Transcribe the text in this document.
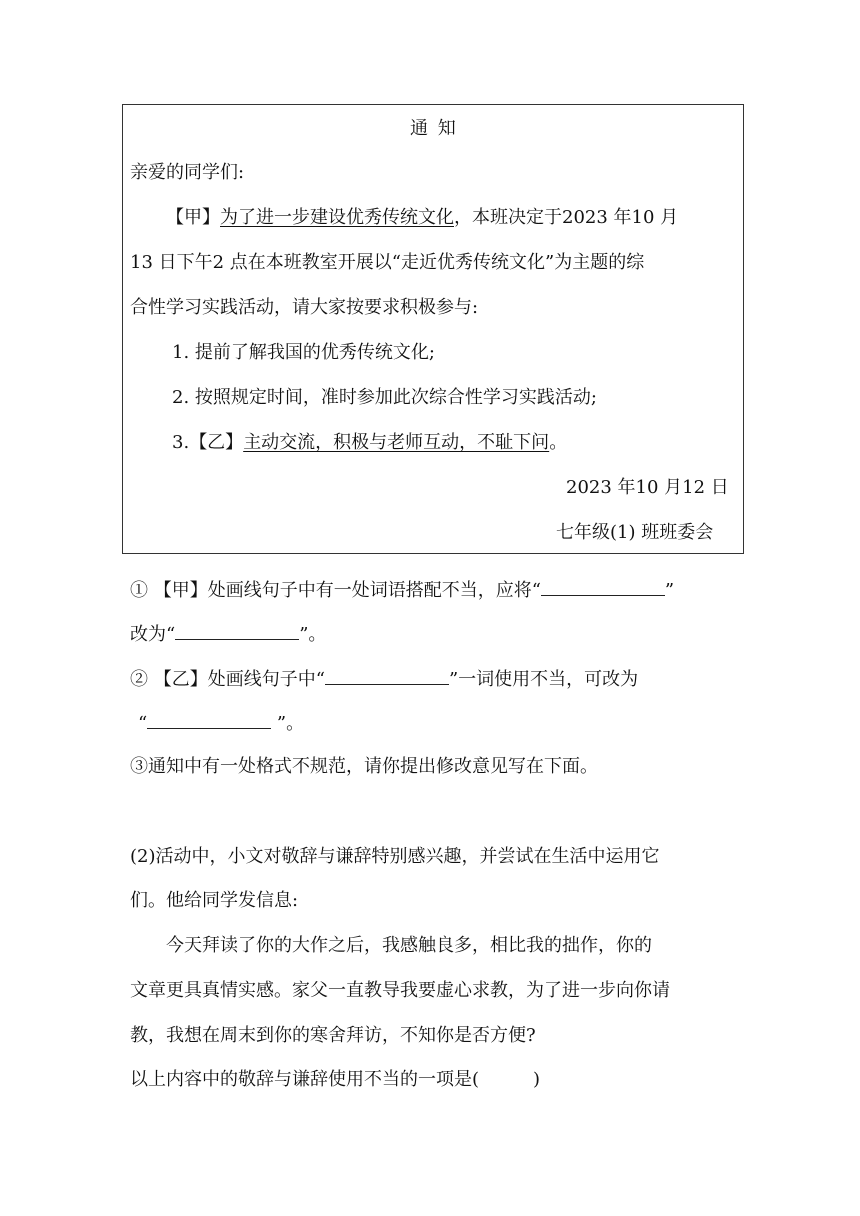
通 知
亲爱的同学们:
【甲】为了进一步建设优秀传统文化，本班决定于2023 年10 月
13 日下午2 点在本班教室开展以“走近优秀传统文化”为主题的综
合性学习实践活动，请大家按要求积极参与:
1. 提前了解我国的优秀传统文化;
2. 按照规定时间，准时参加此次综合性学习实践活动;
3.【乙】主动交流，积极与老师互动，不耻下问。
2023 年10 月12 日
七年级(1) 班班委会
① 【甲】处画线句子中有一处词语搭配不当，应将“	”
改为“	”。
② 【乙】处画线句子中“	”一词使用不当，可改为
“	”。
③通知中有一处格式不规范，请你提出修改意见写在下面。
(2)活动中，小文对敬辞与谦辞特别感兴趣，并尝试在生活中运用它
们。他给同学发信息:
今天拜读了你的大作之后，我感触良多，相比我的拙作，你的
文章更具真情实感。家父一直教导我要虚心求教，为了进一步向你请
教，我想在周末到你的寒舍拜访，不知你是否方便?
以上内容中的敬辞与谦辞使用不当的一项是(	)
